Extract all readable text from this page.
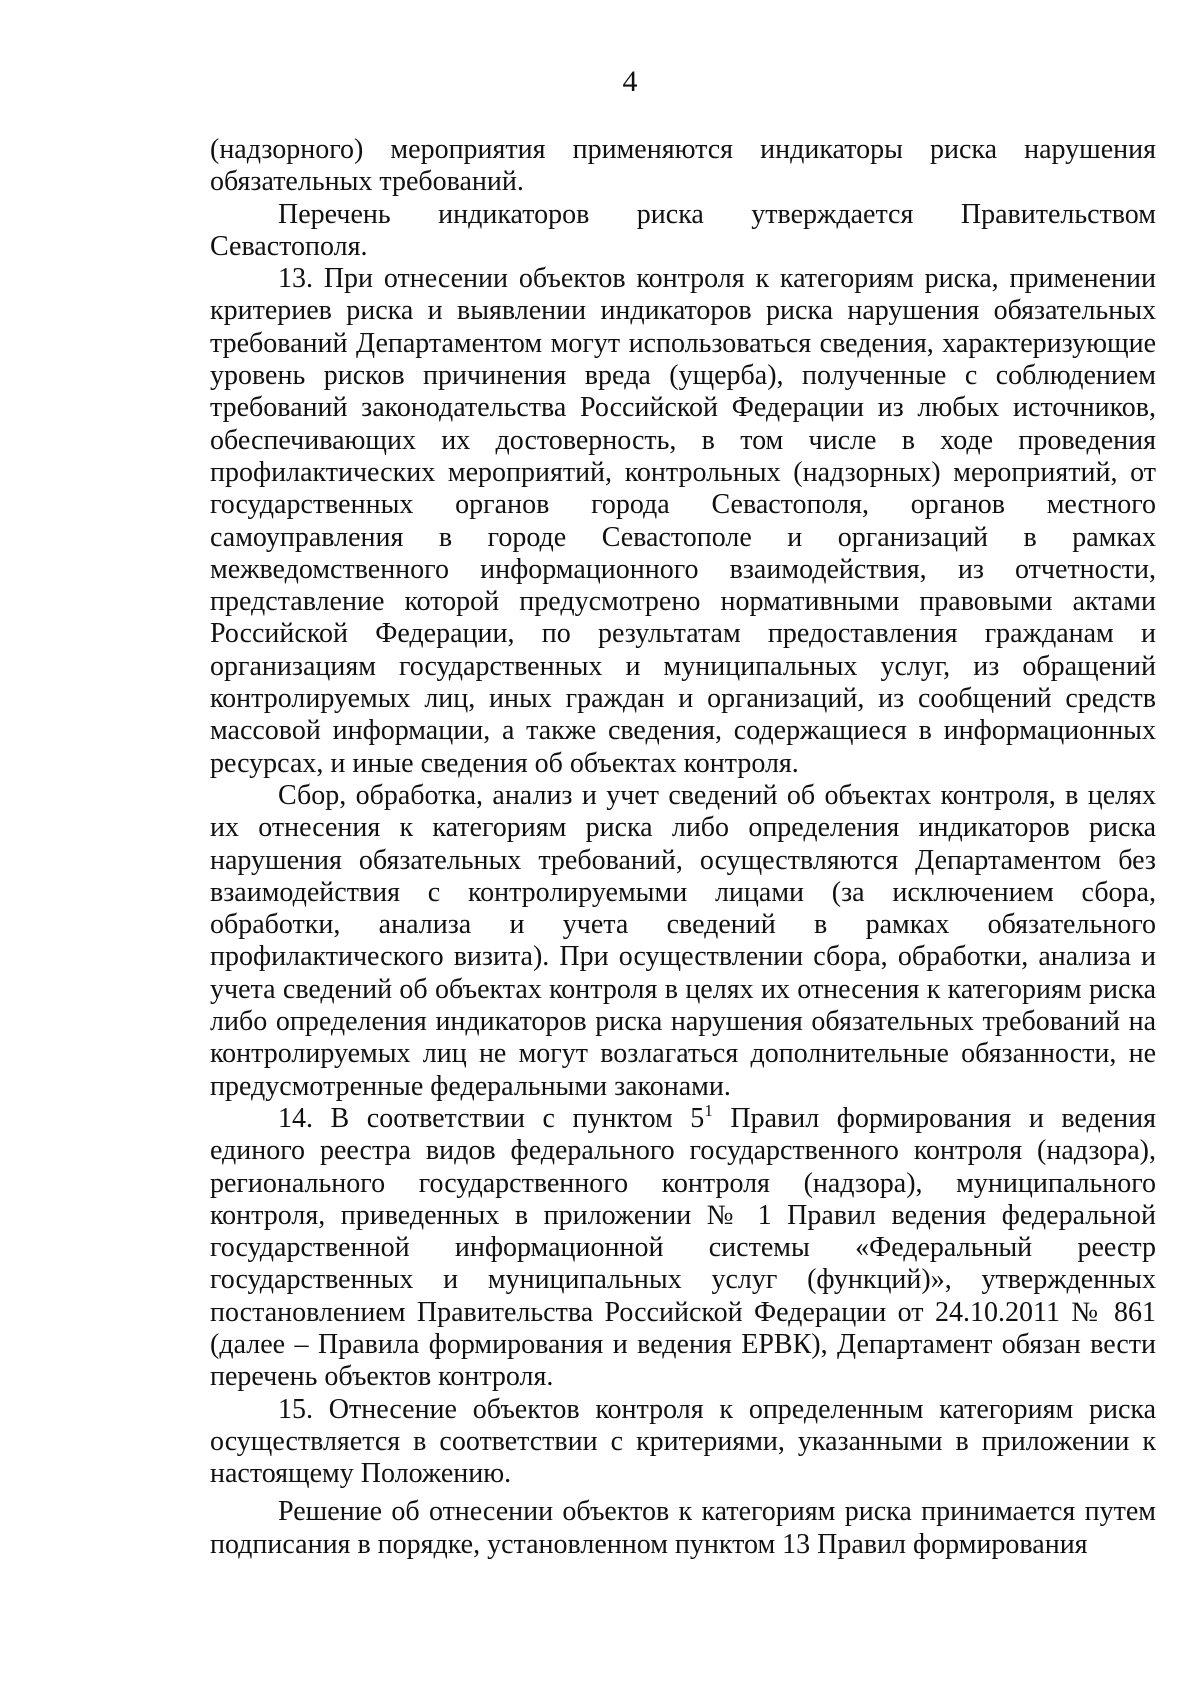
4

(надзорного) мероприятия применяются индикаторы риска нарушения обязательных требований.

Перечень индикаторов риска утверждается Правительством Севастополя.

13. При отнесении объектов контроля к категориям риска, применении критериев риска и выявлении индикаторов риска нарушения обязательных требований Департаментом могут использоваться сведения, характеризующие уровень рисков причинения вреда (ущерба), полученные с соблюдением требований законодательства Российской Федерации из любых источников, обеспечивающих их достоверность, в том числе в ходе проведения профилактических мероприятий, контрольных (надзорных) мероприятий, от государственных органов города Севастополя, органов местного самоуправления в городе Севастополе и организаций в рамках межведомственного информационного взаимодействия, из отчетности, представление которой предусмотрено нормативными правовыми актами Российской Федерации, по результатам предоставления гражданам и организациям государственных и муниципальных услуг, из обращений контролируемых лиц, иных граждан и организаций, из сообщений средств массовой информации, а также сведения, содержащиеся в информационных ресурсах, и иные сведения об объектах контроля.

Сбор, обработка, анализ и учет сведений об объектах контроля, в целях их отнесения к категориям риска либо определения индикаторов риска нарушения обязательных требований, осуществляются Департаментом без взаимодействия с контролируемыми лицами (за исключением сбора, обработки, анализа и учета сведений в рамках обязательного профилактического визита). При осуществлении сбора, обработки, анализа и учета сведений об объектах контроля в целях их отнесения к категориям риска либо определения индикаторов риска нарушения обязательных требований на контролируемых лиц не могут возлагаться дополнительные обязанности, не предусмотренные федеральными законами.

14. В соответствии с пунктом $5^1$ Правил формирования и ведения единого реестра видов федерального государственного контроля (надзора), регионального государственного контроля (надзора), муниципального контроля, приведенных в приложении № 1 Правил ведения федеральной государственной информационной системы «Федеральный реестр государственных и муниципальных услуг (функций)», утвержденных постановлением Правительства Российской Федерации от 24.10.2011 № 861 (далее – Правила формирования и ведения ЕРВК), Департамент обязан вести перечень объектов контроля.

15. Отнесение объектов контроля к определенным категориям риска осуществляется в соответствии с критериями, указанными в приложении к настоящему Положению.

Решение об отнесении объектов к категориям риска принимается путем подписания в порядке, установленном пунктом 13 Правил формирования
